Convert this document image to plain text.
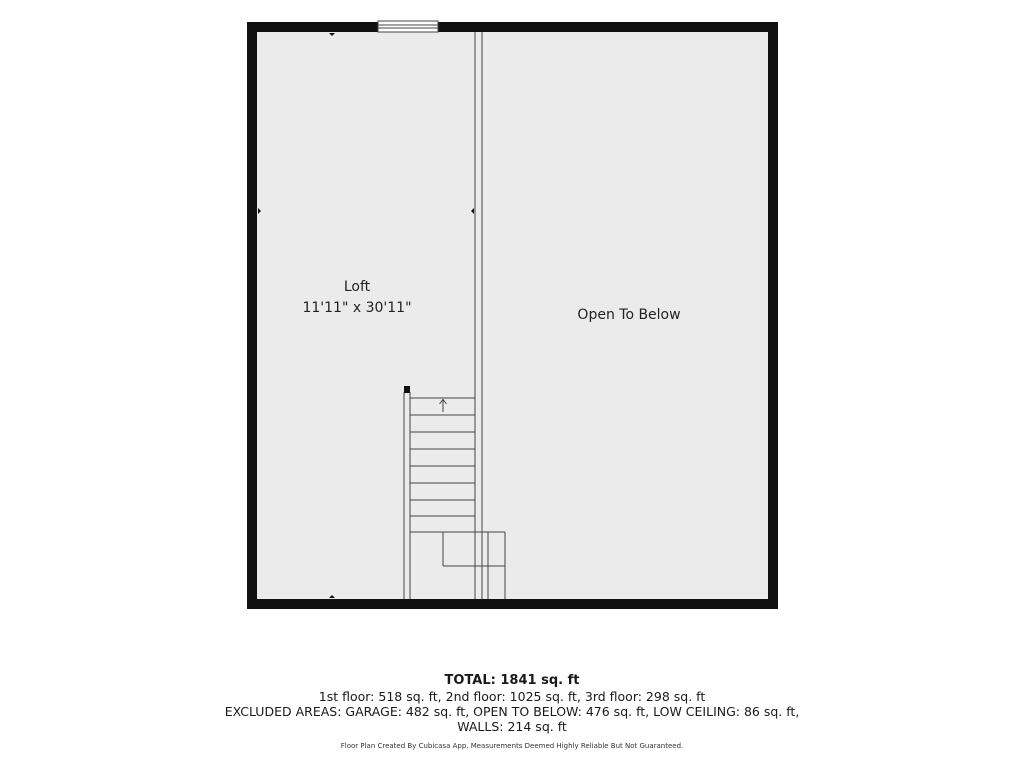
Loft
11'11" x 30'11"	Open To Below
TOTAL: 1841 sq. ft
1st floor: 518 sq. ft, 2nd floor: 1025 sq. ft, 3rd floor: 298 sq. ft
EXCLUDED AREAS: GARAGE: 482 sq. ft, OPEN TO BELOW: 476 sq. ft, LOW CEILING: 86 sq. ft,
WALLS: 214 sq. ft
Floor Plan Created By Cubicasa App. Measurements Deemed Highly Reliable But Not Guaranteed.
